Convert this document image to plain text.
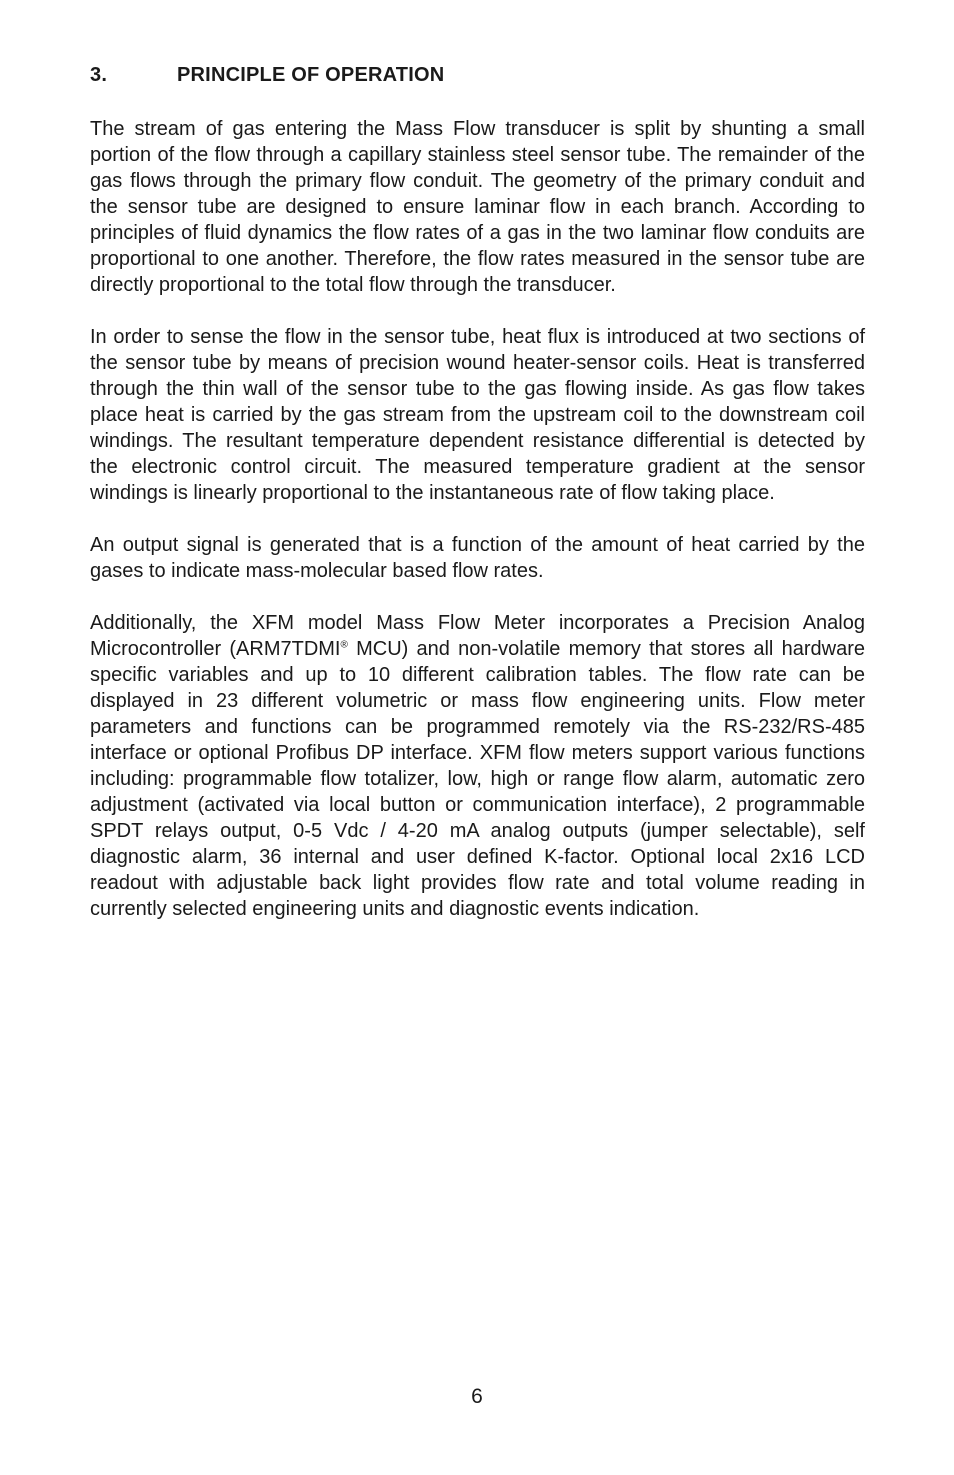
3.	PRINCIPLE OF OPERATION

The stream of gas entering the Mass Flow transducer is split by shunting a small portion of the flow through a capillary stainless steel sensor tube. The remainder of the gas flows through the primary flow conduit. The geometry of the primary conduit and the sensor tube are designed to ensure laminar flow in each branch. According to principles of fluid dynamics the flow rates of a gas in the two laminar flow conduits are proportional to one another. Therefore, the flow rates measured in the sensor tube are directly proportional to the total flow through the transducer.

In order to sense the flow in the sensor tube, heat flux is introduced at two sections of the sensor tube by means of precision wound heater-sensor coils. Heat is transferred through the thin wall of the sensor tube to the gas flowing inside. As gas flow takes place heat is carried by the gas stream from the upstream coil to the downstream coil windings. The resultant temperature dependent resistance differential is detected by the electronic control circuit. The measured temperature gradient at the sensor windings is linearly proportional to the instantaneous rate of flow taking place.

An output signal is generated that is a function of the amount of heat carried by the gases to indicate mass-molecular based flow rates.

Additionally, the XFM model Mass Flow Meter incorporates a Precision Analog Microcontroller (ARM7TDMI® MCU) and non-volatile memory that stores all hardware specific variables and up to 10 different calibration tables. The flow rate can be displayed in 23 different volumetric or mass flow engineering units. Flow meter parameters and functions can be programmed remotely via the RS-232/RS-485 interface or optional Profibus DP interface. XFM flow meters support various functions including: programmable flow totalizer, low, high or range flow alarm, automatic zero adjustment (activated via local button or communication interface), 2 programmable SPDT relays output, 0-5 Vdc / 4-20 mA analog outputs (jumper selectable), self diagnostic alarm, 36 internal and user defined K-factor. Optional local 2x16 LCD readout with adjustable back light provides flow rate and total volume reading in currently selected engineering units and diagnostic events indication.

6
